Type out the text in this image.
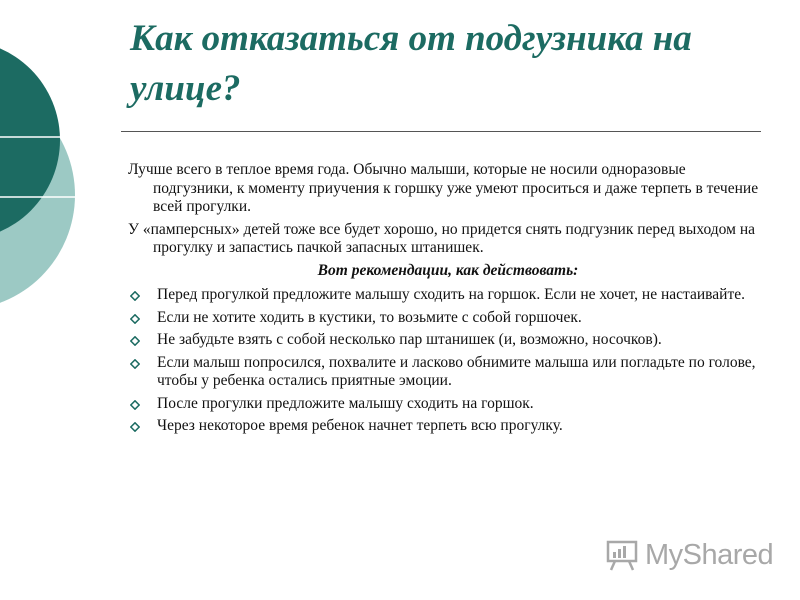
Как отказаться от подгузника на улице?

Лучше всего в теплое время года. Обычно малыши, которые не носили одноразовые подгузники, к моменту приучения к горшку уже умеют проситься и даже терпеть в течение всей прогулки.

У «памперсных» детей тоже все будет хорошо, но придется снять подгузник перед выходом на прогулку и запастись пачкой запасных штанишек.

Вот рекомендации, как действовать:

Перед прогулкой предложите малышу сходить на горшок. Если не хочет, не настаивайте.
Если не хотите ходить в кустики, то возьмите с собой горшочек.
Не забудьте взять с собой несколько пар штанишек (и, возможно, носочков).
Если малыш попросился, похвалите и ласково обнимите малыша или погладьте по голове, чтобы у ребенка остались приятные эмоции.
После прогулки предложите малышу сходить на горшок.
Через некоторое время ребенок начнет терпеть всю прогулку.
MyShared
